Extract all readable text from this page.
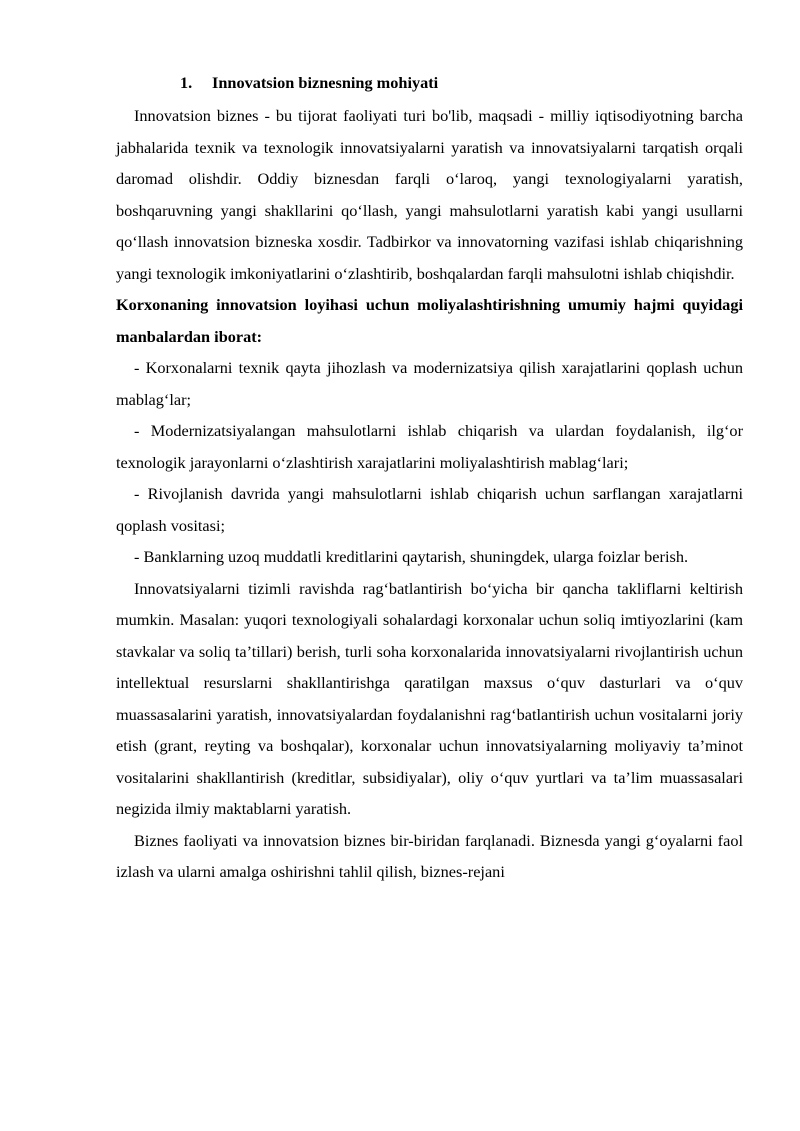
1. Innovatsion biznesning mohiyati

Innovatsion biznes - bu tijorat faoliyati turi bo'lib, maqsadi - milliy iqtisodiyotning barcha jabhalarida texnik va texnologik innovatsiyalarni yaratish va innovatsiyalarni tarqatish orqali daromad olishdir. Oddiy biznesdan farqli o‘laroq, yangi texnologiyalarni yaratish, boshqaruvning yangi shakllarini qo‘llash, yangi mahsulotlarni yaratish kabi yangi usullarni qo‘llash innovatsion bizneska xosdir. Tadbirkor va innovatorning vazifasi ishlab chiqarishning yangi texnologik imkoniyatlarini o‘zlashtirib, boshqalardan farqli mahsulotni ishlab chiqishdir.

Korxonaning innovatsion loyihasi uchun moliyalashtirishning umumiy hajmi quyidagi manbalardan iborat:

- Korxonalarni texnik qayta jihozlash va modernizatsiya qilish xarajatlarini qoplash uchun mablag‘lar;

- Modernizatsiyalangan mahsulotlarni ishlab chiqarish va ulardan foydalanish, ilg‘or texnologik jarayonlarni o‘zlashtirish xarajatlarini moliyalashtirish mablag‘lari;

- Rivojlanish davrida yangi mahsulotlarni ishlab chiqarish uchun sarflangan xarajatlarni qoplash vositasi;

- Banklarning uzoq muddatli kreditlarini qaytarish, shuningdek, ularga foizlar berish.

Innovatsiyalarni tizimli ravishda rag‘batlantirish bo‘yicha bir qancha takliflarni keltirish mumkin. Masalan: yuqori texnologiyali sohalardagi korxonalar uchun soliq imtiyozlarini (kam stavkalar va soliq ta’tillari) berish, turli soha korxonalarida innovatsiyalarni rivojlantirish uchun intellektual resurslarni shakllantirishga qaratilgan maxsus o‘quv dasturlari va o‘quv muassasalarini yaratish, innovatsiyalardan foydalanishni rag‘batlantirish uchun vositalarni joriy etish (grant, reyting va boshqalar), korxonalar uchun innovatsiyalarning moliyaviy ta’minot vositalarini shakllantirish (kreditlar, subsidiyalar), oliy o‘quv yurtlari va ta’lim muassasalari negizida ilmiy maktablarni yaratish.

Biznes faoliyati va innovatsion biznes bir-biridan farqlanadi. Biznesda yangi g‘oyalarni faol izlash va ularni amalga oshirishni tahlil qilish, biznes-rejani
